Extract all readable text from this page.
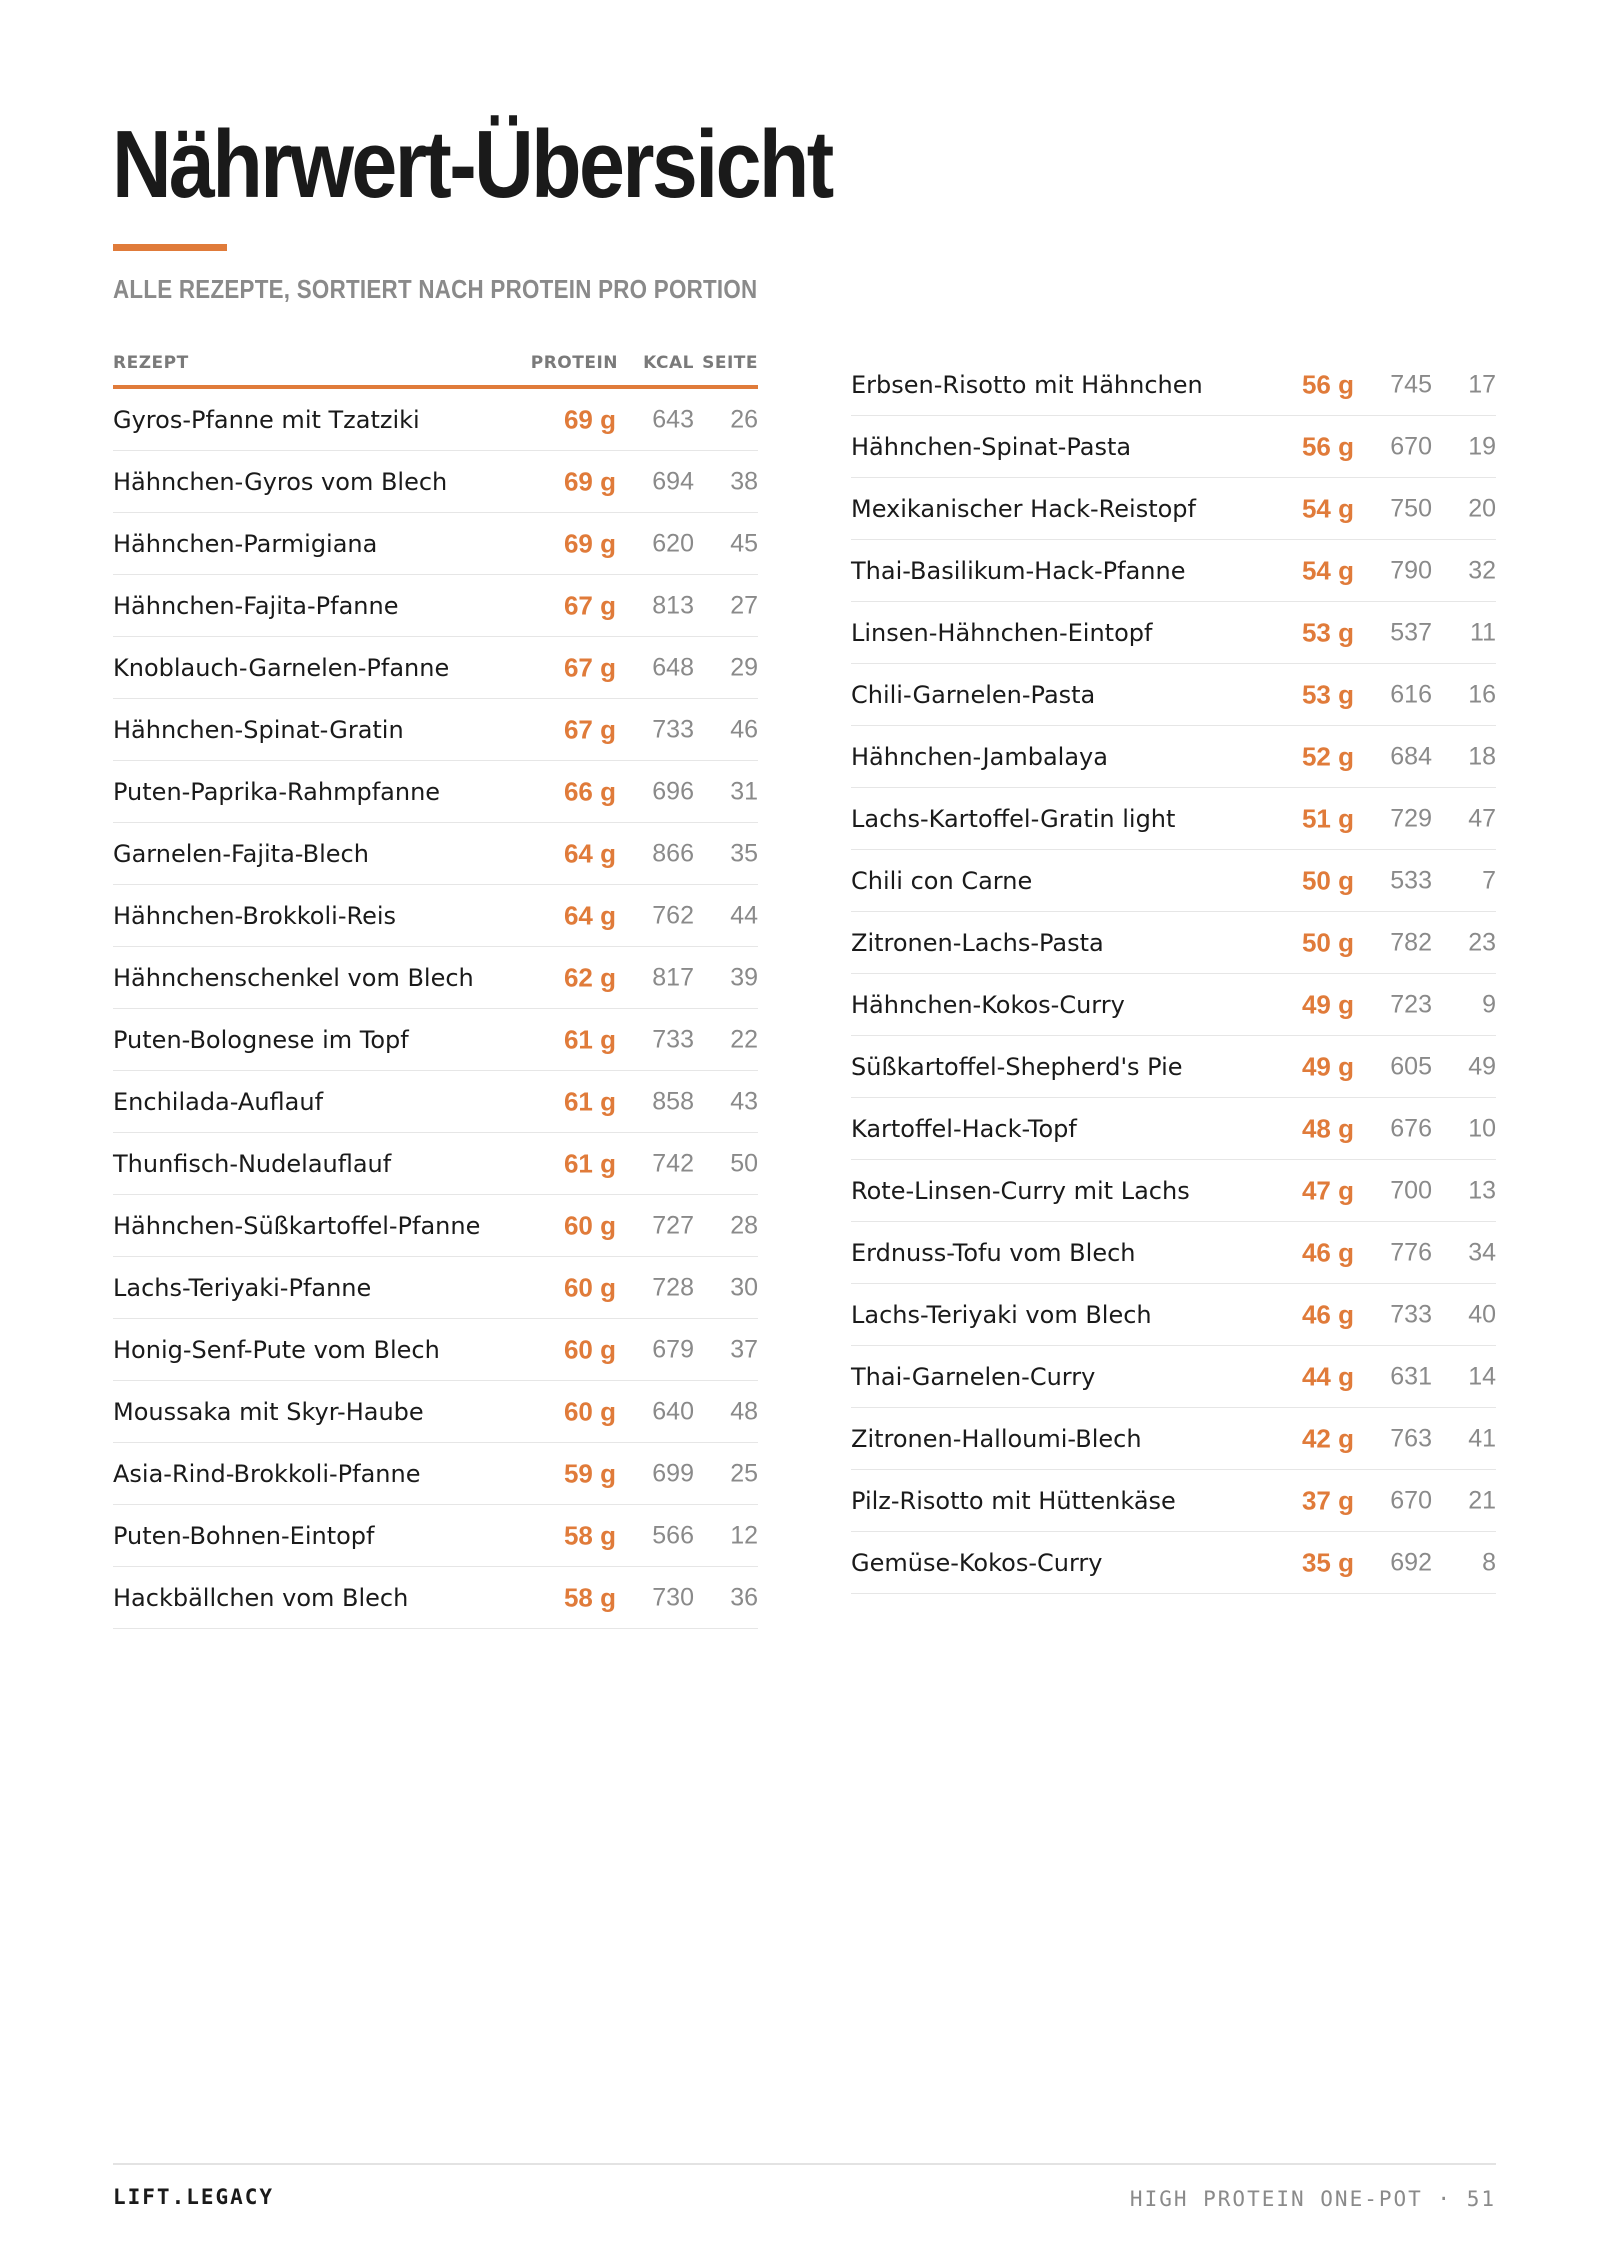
Nährwert-Übersicht
ALLE REZEPTE, SORTIERT NACH PROTEIN PRO PORTION
REZEPT	PROTEIN KCAL SEITE
Gyros-Pfanne mit Tzatziki	69 g 643 26
Hähnchen-Gyros vom Blech	69 g 694 38
Hähnchen-Parmigiana	69 g 620 45
Hähnchen-Fajita-Pfanne	67 g 813 27
Knoblauch-Garnelen-Pfanne	67 g 648 29
Hähnchen-Spinat-Gratin	67 g 733 46
Puten-Paprika-Rahmpfanne	66 g 696 31
Garnelen-Fajita-Blech	64 g 866 35
Hähnchen-Brokkoli-Reis	64 g 762 44
Hähnchenschenkel vom Blech	62 g 817 39
Puten-Bolognese im Topf	61 g 733 22
Enchilada-Auflauf	61 g 858 43
Thunfisch-Nudelauflauf	61 g 742 50
Hähnchen-Süßkartoffel-Pfanne	60 g 727 28
Lachs-Teriyaki-Pfanne	60 g 728 30
Honig-Senf-Pute vom Blech	60 g 679 37
Moussaka mit Skyr-Haube	60 g 640 48
Asia-Rind-Brokkoli-Pfanne	59 g 699 25
Puten-Bohnen-Eintopf	58 g 566 12
Hackbällchen vom Blech	58 g 730 36
Erbsen-Risotto mit Hähnchen	56 g 745 17
Hähnchen-Spinat-Pasta	56 g 670 19
Mexikanischer Hack-Reistopf	54 g 750 20
Thai-Basilikum-Hack-Pfanne	54 g 790 32
Linsen-Hähnchen-Eintopf	53 g 537 11
Chili-Garnelen-Pasta	53 g 616 16
Hähnchen-Jambalaya	52 g 684 18
Lachs-Kartoffel-Gratin light	51 g 729 47
Chili con Carne	50 g 533 7
Zitronen-Lachs-Pasta	50 g 782 23
Hähnchen-Kokos-Curry	49 g 723 9
Süßkartoffel-Shepherd's Pie	49 g 605 49
Kartoffel-Hack-Topf	48 g 676 10
Rote-Linsen-Curry mit Lachs	47 g 700 13
Erdnuss-Tofu vom Blech	46 g 776 34
Lachs-Teriyaki vom Blech	46 g 733 40
Thai-Garnelen-Curry	44 g 631 14
Zitronen-Halloumi-Blech	42 g 763 41
Pilz-Risotto mit Hüttenkäse	37 g 670 21
Gemüse-Kokos-Curry	35 g 692 8
LIFT.LEGACY	HIGH PROTEIN ONE-POT · 51
